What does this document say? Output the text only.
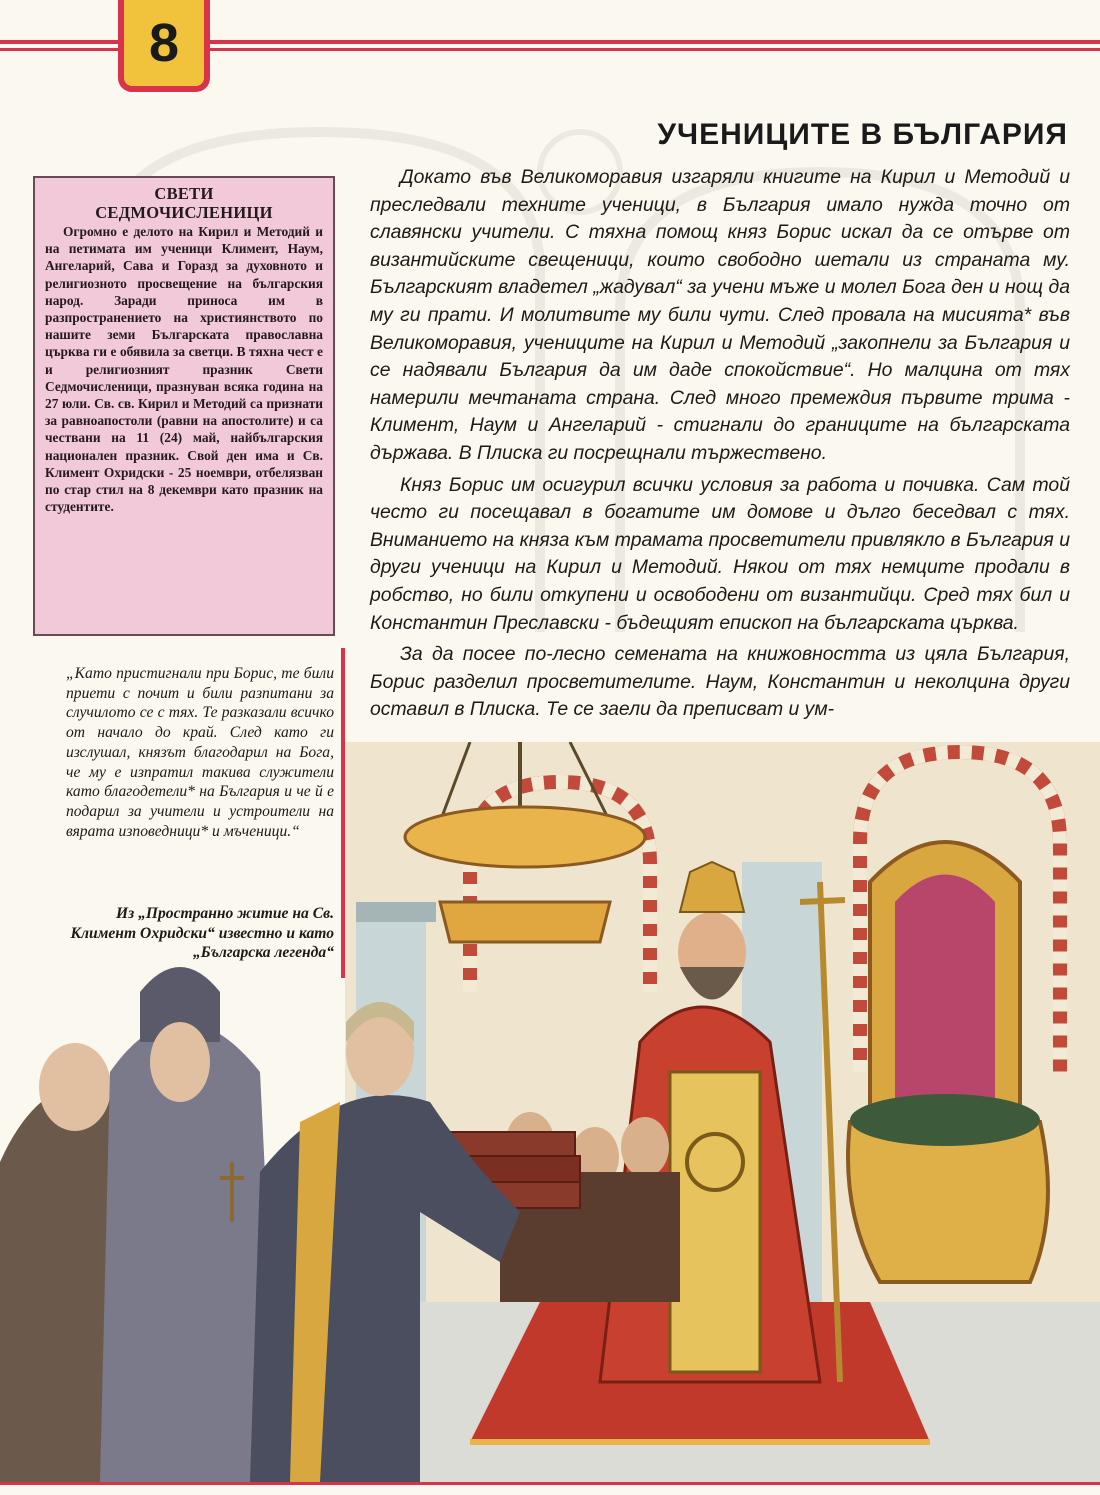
8
УЧЕНИЦИТЕ В БЪЛГАРИЯ
СВЕТИ
СЕДМОЧИСЛЕНИЦИ

Огромно е делото на Кирил и Методий и на петимата им ученици Климент, Наум, Ангеларий, Сава и Горазд за духовното и религиозното просвещение на българския народ. Заради приноса им в разпространението на християнството по нашите земи Българската православна църква ги е обявила за светци. В тяхна чест е и религиозният празник Свети Седмочисленици, празнуван всяка година на 27 юли. Св. св. Кирил и Методий са признати за равноапостоли (равни на апостолите) и са чествани на 11 (24) май, найбългарския национален празник. Свой ден има и Св. Климент Охридски - 25 ноември, отбелязван по стар стил на 8 декември като празник на студентите.

Докато във Великоморавия изгаряли книгите на Кирил и Методий и преследвали техните ученици, в България имало нужда точно от славянски учители. С тяхна помощ княз Борис искал да се отърве от византийските свещеници, които свободно шетали из страната му. Българският владетел „жадувал“ за учени мъже и молел Бога ден и нощ да му ги прати. И молитвите му били чути. След провала на мисията* във Великоморавия, учениците на Кирил и Методий „закопнели за България и се надявали България да им даде спокойствие“. Но малцина от тях намерили мечтаната страна. След много премеждия първите трима - Климент, Наум и Ангеларий - стигнали до границите на българската държава. В Плиска ги посрещнали тържествено.

Княз Борис им осигурил всички условия за работа и почивка. Сам той често ги посещавал в богатите им домове и дълго беседвал с тях. Вниманието на княза към трамата просветители привлякло в България и други ученици на Кирил и Методий. Някои от тях немците продали в робство, но били откупени и освободени от византийци. Сред тях бил и Константин Преславски - бъдещият епископ на българската църква.

За да посее по-лесно семената на книжовността из цяла България, Борис разделил просветителите. Наум, Константин и неколцина други оставил в Плиска. Те се заели да преписват и ум-

„Като пристигнали при Борис, те били приети с почит и били разпитани за случилото се с тях. Те разказали всичко от начало до край. След като ги изслушал, князът благодарил на Бога, че му е изпратил такива служители като благодетели* на България и че й е подарил за учители и устроители на вярата изповедници* и мъченици.“

Из „Пространно житие на Св. Климент Охридски“ известно и като „Българска легенда“
